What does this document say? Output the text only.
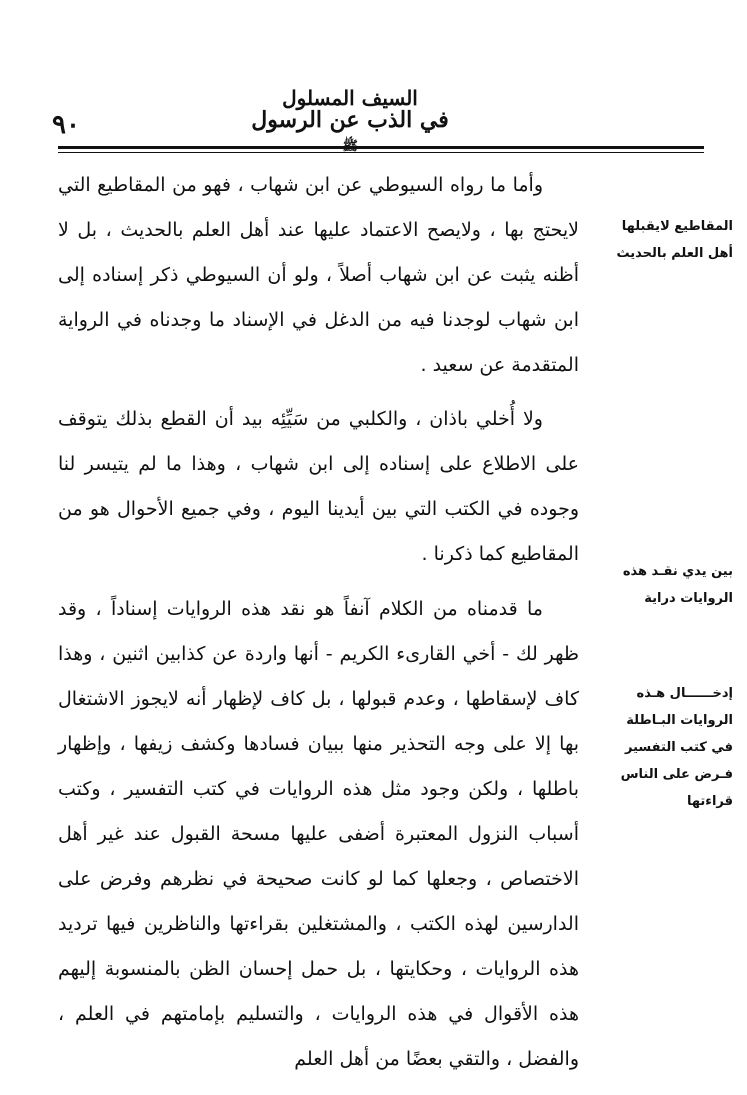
السيف المسلول
في الذب عن الرسول
٩٠

وأما ما رواه السيوطي عن ابن شهاب ، فهو من المقاطيع التي لايحتج بها ، ولايصح الاعتماد عليها عند أهل العلم بالحديث ، بل لا أظنه يثبت عن ابن شهاب أصلاً ، ولو أن السيوطي ذكر إسناده إلى ابن شهاب لوجدنا فيه من الدغل في الإسناد ما وجدناه في الرواية المتقدمة عن سعيد .

ولا أُخلي باذان ، والكلبي من سَيِّئِه بيد أن القطع بذلك يتوقف على الاطلاع على إسناده إلى ابن شهاب ، وهذا ما لم يتيسر لنا وجوده في الكتب التي بين أيدينا اليوم ، وفي جميع الأحوال هو من المقاطيع كما ذكرنا .

ما قدمناه من الكلام آنفاً هو نقد هذه الروايات إسناداً ، وقد ظهر لك - أخي القارىء الكريم - أنها واردة عن كذابين اثنين ، وهذا كاف لإسقاطها ، وعدم قبولها ، بل كاف لإظهار أنه لايجوز الاشتغال بها إلا على وجه التحذير منها ببيان فسادها وكشف زيفها ، وإظهار باطلها ، ولكن وجود مثل هذه الروايات في كتب التفسير ، وكتب أسباب النزول المعتبرة أضفى عليها مسحة القبول عند غير أهل الاختصاص ، وجعلها كما لو كانت صحيحة في نظرهم وفرض على الدارسين لهذه الكتب ، والمشتغلين بقراءتها والناظرين فيها ترديد هذه الروايات ، وحكايتها ، بل حمل إحسان الظن بالمنسوبة إليهم هذه الأقوال في هذه الروايات ، والتسليم بإمامتهم في العلم ، والفضل ، والتقي بعضًا من أهل العلم

المقاطيع لايقبلها
أهل العلم بالحديث
بين يدي نقـد هذه
الروايات دراية
إدخــــــال هـذه
الروايات البـاطلة
في كتب التفسير
فـرض على الناس
قراءتها
